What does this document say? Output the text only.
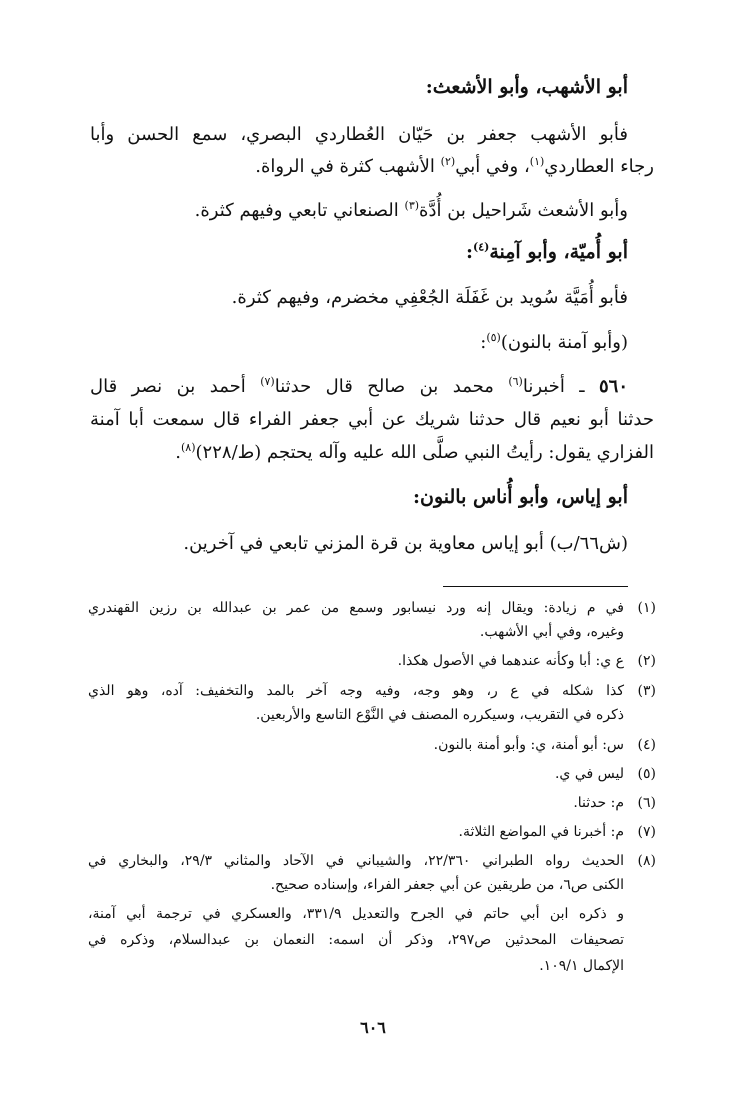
أبو الأشهب، وأبو الأشعث:
فأبو الأشهب جعفر بن حَيّان العُطاردي البصري، سمع الحسن وأبا
رجاء العطاردي$^{(١)}$، وفي أبي$^{(٢)}$ الأشهب كثرة في الرواة.
وأبو الأشعث شَراحيل بن أُدَّة$^{(٣)}$ الصنعاني تابعي وفيهم كثرة.
أبو أُميّة، وأبو آمِنة$^{(٤)}$:
فأبو أُمَيَّة سُويد بن غَفَلَة الجُعْفِي مخضرم، وفيهم كثرة.
(وأبو آمنة بالنون)$^{(٥)}$:
٥٦٠ ـ أخبرنا$^{(٦)}$ محمد بن صالح قال حدثنا$^{(٧)}$ أحمد بن نصر قال
حدثنا أبو نعيم قال حدثنا شريك عن أبي جعفر الفراء قال سمعت أبا آمنة
الفزاري يقول: رأيتُ النبي صلَّى الله عليه وآله يحتجم (ط/٢٢٨)$^{(٨)}$.
أبو إياس، وأبو أُناس بالنون:
(ش٦٦/ب) أبو إياس معاوية بن قرة المزني تابعي في آخرين.
(١)
في م زيادة: ويقال إنه ورد نيسابور وسمع من عمر بن عبدالله بن رزين القهندري
وغيره، وفي أبي الأشهب.
(٢)
ع ي: أبا وكأنه عندهما في الأصول هكذا.
(٣)
كذا شكله في ع ر، وهو وجه، وفيه وجه آخر بالمد والتخفيف: آده، وهو الذي
ذكره في التقريب، وسيكرره المصنف في النَّوْع التاسع والأربعين.
(٤)
س: أبو أمنة، ي: وأبو أمنة بالنون.
(٥)
ليس في ي.
(٦)
م: حدثنا.
(٧)
م: أخبرنا في المواضع الثلاثة.
(٨)
الحديث رواه الطبراني ٢٢/٣٦٠، والشيباني في الآحاد والمثاني ٢٩/٣، والبخاري في
الكنى ص٦، من طريقين عن أبي جعفر الفراء، وإسناده صحيح.
و ذكره ابن أبي حاتم في الجرح والتعديل ٣٣١/٩، والعسكري في ترجمة أبي آمنة،
تصحيفات المحدثين ص٢٩٧، وذكر أن اسمه: النعمان بن عبدالسلام، وذكره في
الإكمال ١٠٩/١.
٦٠٦
